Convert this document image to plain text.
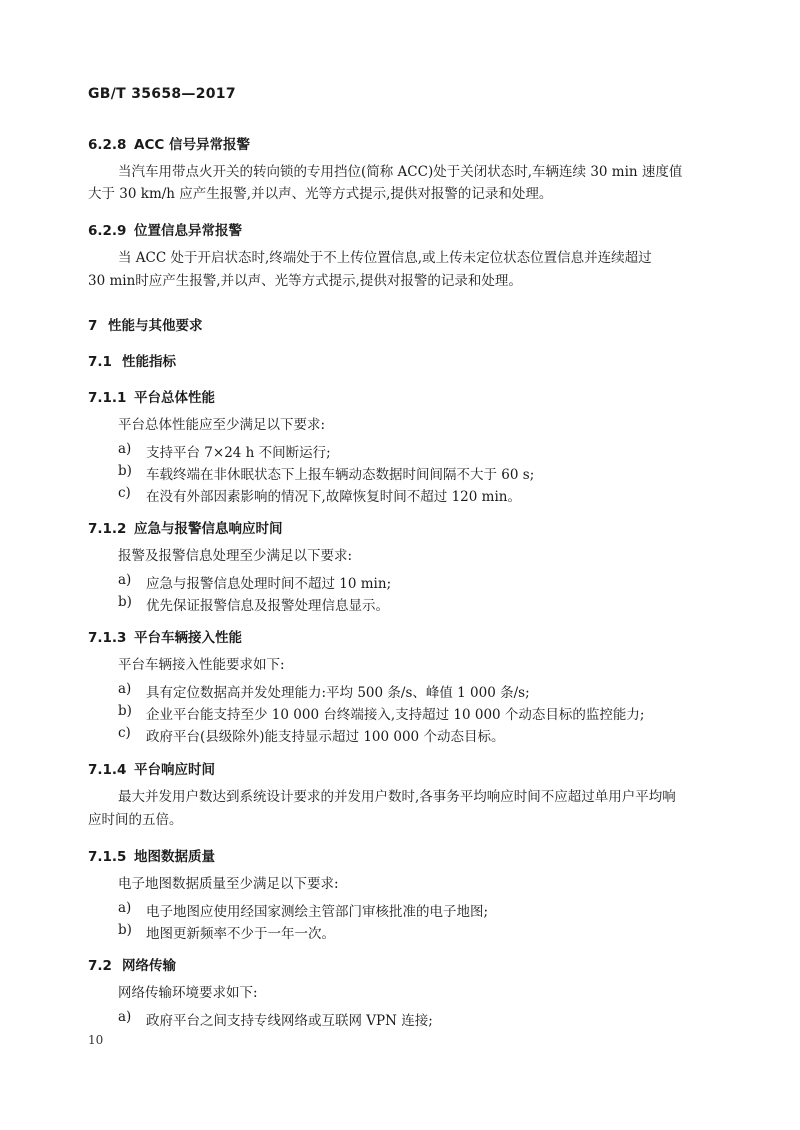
GB/T 35658—2017
6.2.8 ACC 信号异常报警
当汽车用带点火开关的转向锁的专用挡位(简称 ACC)处于关闭状态时,车辆连续 30 min 速度值
大于 30 km/h 应产生报警,并以声、光等方式提示,提供对报警的记录和处理。
6.2.9 位置信息异常报警
当 ACC 处于开启状态时,终端处于不上传位置信息,或上传未定位状态位置信息并连续超过
30 min时应产生报警,并以声、光等方式提示,提供对报警的记录和处理。
7 性能与其他要求
7.1 性能指标
7.1.1 平台总体性能
平台总体性能应至少满足以下要求:
a) 支持平台 7×24 h 不间断运行;
b) 车载终端在非休眠状态下上报车辆动态数据时间间隔不大于 60 s;
c) 在没有外部因素影响的情况下,故障恢复时间不超过 120 min。
7.1.2 应急与报警信息响应时间
报警及报警信息处理至少满足以下要求:
a) 应急与报警信息处理时间不超过 10 min;
b) 优先保证报警信息及报警处理信息显示。
7.1.3 平台车辆接入性能
平台车辆接入性能要求如下:
a) 具有定位数据高并发处理能力:平均 500 条/s、峰值 1 000 条/s;
b) 企业平台能支持至少 10 000 台终端接入,支持超过 10 000 个动态目标的监控能力;
c) 政府平台(县级除外)能支持显示超过 100 000 个动态目标。
7.1.4 平台响应时间
最大并发用户数达到系统设计要求的并发用户数时,各事务平均响应时间不应超过单用户平均响
应时间的五倍。
7.1.5 地图数据质量
电子地图数据质量至少满足以下要求:
a) 电子地图应使用经国家测绘主管部门审核批准的电子地图;
b) 地图更新频率不少于一年一次。
7.2 网络传输
网络传输环境要求如下:
a) 政府平台之间支持专线网络或互联网 VPN 连接;
10
